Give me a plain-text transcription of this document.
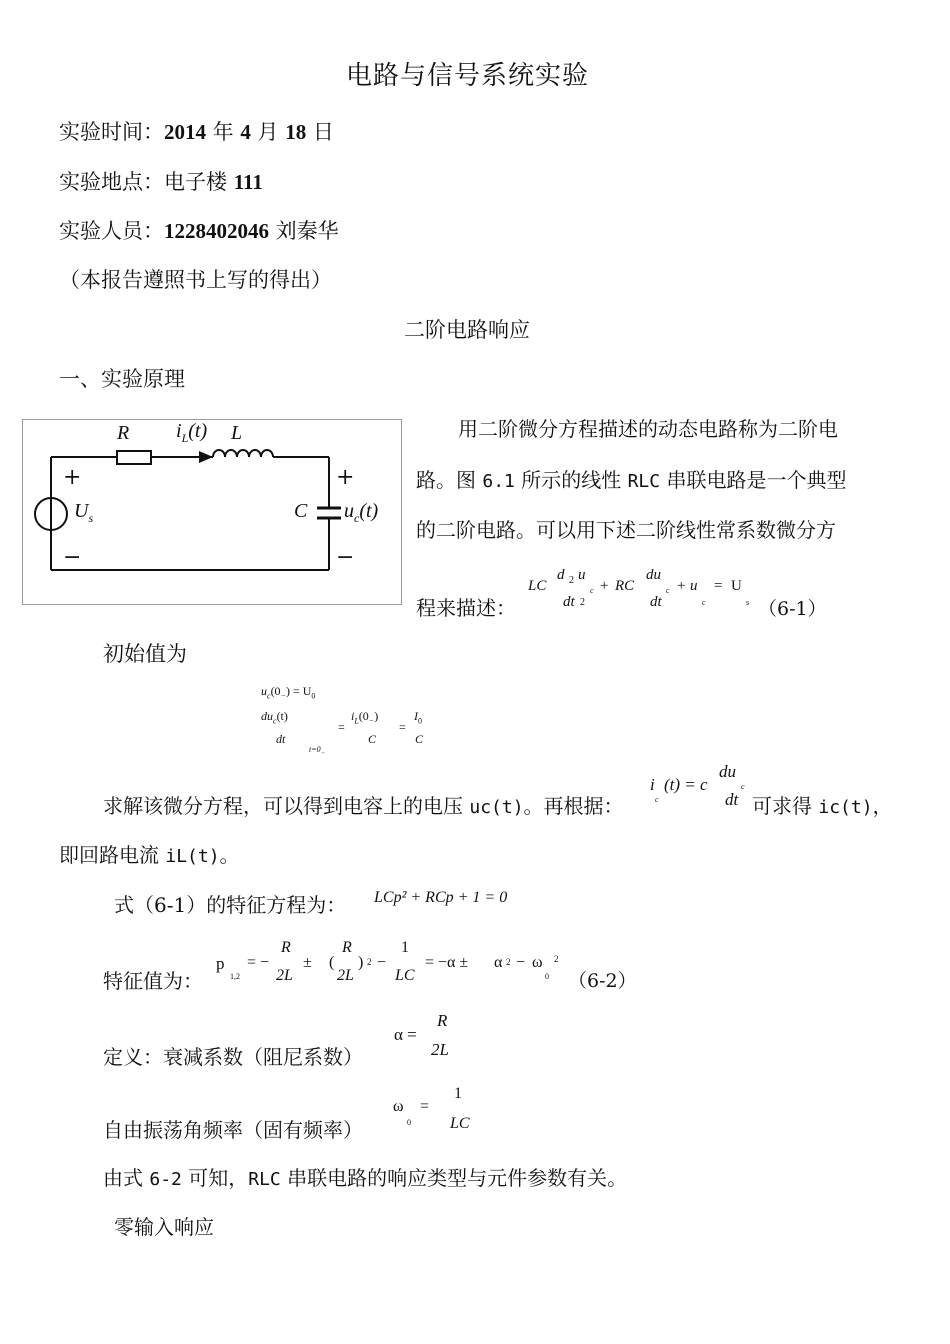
电路与信号系统实验
实验时间：2014 年 4 月 18 日
实验地点：电子楼 111
实验人员：1228402046 刘秦华
（本报告遵照书上写的得出）
二阶电路响应
一、实验原理
R $i_L(t)$ L
+
−
$U_s$
+
−
C $u_c(t)$
用二阶微分方程描述的动态电路称为二阶电
路。图 6.1 所示的线性 RLC 串联电路是一个典型
的二阶电路。可以用下述二阶线性常系数微分方
程来描述：
LC
d 2 u
c
dt 2
+ RC
du
c
dt
+ u
c
= U
s （6-1）
初始值为
$u_c(0_-) = U_0$
$du_c(t)$
dt
$t=0_-$
=
$i_L(0_-)$
C
=
$I_0$
C
求解该微分方程，可以得到电容上的电压 uc(t)。再根据：
i
c
(t) = c
du
c
dt 可求得 ic(t)，
即回路电流 iL(t)。
式（6-1）的特征方程为： LCp² + RCp + 1 = 0
特征值为：
p
1,2
= −
R
2L
± (
R
2L
) 2 −
1
LC
= −α ± α 2 − ω
0
2
（6-2）
定义：衰减系数（阻尼系数）
α =
R
2L
自由振荡角频率（固有频率）
ω
0
=
1
LC
由式 6-2 可知，RLC 串联电路的响应类型与元件参数有关。
零输入响应
